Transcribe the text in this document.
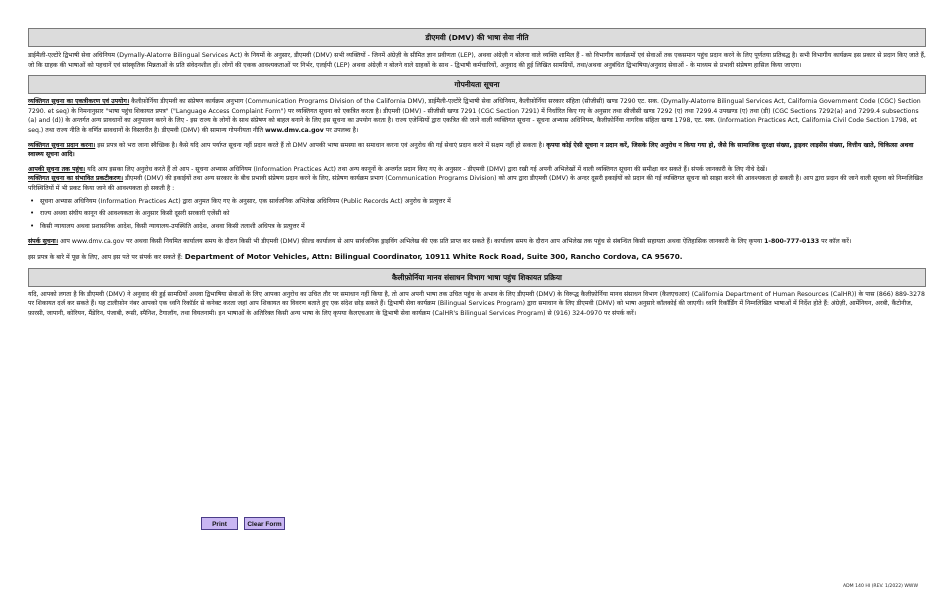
डीएमवी (DMV) की भाषा सेवा नीति

डाईमैली-एल्टोरे द्विभाषी सेवा अधिनियम (Dymally-Alatorre Bilingual Services Act) के नियमों के अनुसार, डीएमवी (DMV) सभी व्यक्तियों - जिनमें अंग्रेज़ी के सीमित ज्ञान प्रवीणता (LEP), अथवा अंग्रेज़ी न बोलना वाले व्यक्ति शामिल हैं - को विभागीय कार्यक्रमों एवं सेवाओं तक एकसमान पहुंच प्रदान करने के लिए पूर्णतया प्रतिबद्ध है। सभी विभागीय कार्यक्रम इस प्रकार से प्रदान किए जाते हैं, जो कि ग्राहक की भाषाओं को पहचानें एवं सांस्कृतिक मिन्नताओं के प्रति संवेदनशील हों। लोगों की एकक आवश्यकताओं पर निर्भर, एलईपी (LEP) अथवा अंग्रेज़ी न बोलने वाले ग्राहकों के साथ - द्विभाषी कर्मचारियों, अनुवाद की हुई लिखित सामग्रियों, तथा/अथवा अनुबंधित द्विभाषिया/अनुवाद सेवाओं - के माध्यम से प्रभावी संप्रेषण हासिल किया जाएगा।

गोपनीयता सूचना

व्यक्तिगत सूचना का एकत्रीकरण एवं उपयोग। कैलीफ़ोर्निया डीएमवी का संप्रेषण कार्यक्रम अनुभाग (Communication Programs Division of the California DMV), डाईमैली-एल्टोरे द्विभाषी सेवा अधिनियम, कैलीफ़ोर्निया सरकार संहिता (सीजीसी) खण्ड 7290 एट. सक. (Dymally-Alatorre Bilingual Services Act, California Government Code (CGC) Section 7290. et seq) के निमनानुसार "भाषा पहुंच शिकायत प्रपत्र" ("Language Access Complaint Form") पर व्यक्तिगत सूचना को एकत्रित करता है। डीएमवी (DMV) - सीजीसी खण्ड 7291 (CGC Section 7291) में निर्धारित किए गए के अनुसार तथा सीजीसी खण्ड 7292 (ए) तथा 7299.4 उपखण्ड (ए) तथा (डी) (CGC Sections 7292(a) and 7299.4 subsections (a) and (d)) के अन्तर्गत अन्य प्रावधानों का अनुपालन करने के लिए - इस राज्य के लोगों के साथ संप्रेषण को बाहल बनाने के लिए इस सूचना का उपयोग करता है। राज्य एजेन्सियों द्वारा एकत्रित की जाने वाली व्यक्तिगत सूचना - सूचना अभ्यास अधिनियम, कैलीफ़ोर्निया नागरिक संहिता खण्ड 1798, एट. सक. (Information Practices Act, California Civil Code Section 1798, et seq.) तथा राज्य नीति के वर्णित सावधानों के विस्तारीत है। डीएमवी (DMV) की सामान्य गोपनीयता नीति www.dmv.ca.gov पर उपलब्ध है।

व्यक्तिगत सूचना प्रदान करना। इस प्रपत्र को भरा जाना स्वैच्छिक है। कैसे यदि आप पर्याप्त सूचना नहीं प्रदान करते हैं तो DMV आपकी भाषा समस्या का समाधान करना एवं अनुरोध की गई सेवाएं प्रदान करने में सक्षम नहीं हो सकता है। कृपया कोई ऐसी सूचना न प्रदान करें, जिसके लिए अनुरोध न किया गया हो, जैसे कि सामाजिक सुरक्षा संख्या, ड्राइवर लाइसेंस संख्या, वित्तीय खाते, चिकित्सा अथवा स्वास्थ्य सूचना आदि।

आपकी सूचना तक पहुंच। यदि आप इसका लिए अनुरोध करते हैं तो आप - सूचना अभ्यास अधिनियम (Information Practices Act) तथा अन्य कानूनों के अन्तर्गत प्रदान किए गए के अनुसार - डीएमवी (DMV) द्वारा रखी गई अपनी अभिलेखों में वाली व्यक्तिगत सूचना की समीक्षा कर सकते हैं। संपर्क जानकारी के लिए नीचे देखें।

व्यक्तिगत सूचना का संभावित प्रकटीकरण। डीएमवी (DMV) की इकाईयों तथा अन्य सरकार के बीच प्रभावी संप्रेषण प्रदान करने के लिए, संप्रेषण कार्यक्रम प्रभाग (Communication Programs Division) को आप द्वारा डीएमवी (DMV) के अन्दर दूसरी इकाईयों को प्रदान की गई व्यक्तिगत सूचना को साझा करने की आवश्यकता हो सकती है। आप द्वारा प्रदान की जाने वाली सूचना को निम्नलिखित परिस्थितियों में भी प्रकट किया जाने की आवश्यकता हो सकती है :

• सूचना अभ्यास अधिनियम (Information Practices Act) द्वारा अनुमत किए गए के अनुसार, एक सार्वजनिक अभिलेख अधिनियम (Public Records Act) अनुरोध के प्रत्युत्तर में
• राज्य अथवा संघीय कानून की आवश्यकता के अनुसार किसी दूसरी सरकारी एजेंसी को
• किसी न्यायालय अथवा प्रशासनिक आदेश, किसी न्यायालय-उपस्थिति आदेश, अथवा किसी तलाशी अधिपत्र के प्रत्युत्तर में

संपर्क सूचना। आप www.dmv.ca.gov पर अथवा किसी नियमित कार्यालय समय के दौरान किसी भी डीएमवी (DMV) फ़ील्ड कार्यालय से आप सार्वजनिक ड्राइविंग अभिलेख की एक प्रति प्राप्त कर सकते हैं। कार्यालय समय के दौरान आप अभिलेख तक पहुंच से संबन्धित किसी सहायता अथवा ऐतिहासिक जानकारी के लिए कृपया 1-800-777-0133 पर कॉल करें।

इस प्रपत्र के बारे में पूछ के लिए, आप इस पते पर संपर्क कर सकते हैं: Department of Motor Vehicles, Attn: Bilingual Coordinator, 10911 White Rock Road, Suite 300, Rancho Cordova, CA 95670.

कैलीफ़ोर्निया मानव संसाधन विभाग भाषा पहुंच शिकायत प्रक्रिया

यदि, आपको लगता है कि डीएमवी (DMV) ने अनुवाद की हुई सामग्रियों अथवा द्विभाषिया सेवाओं के लिए आपका अनुरोध का उचित तौर पर समाधान नहीं किया है, तो आप अपनी भाषा तक उचित पहुंच के अभाव के लिए डीएमवी (DMV) के विरूद्ध कैलीफ़ोर्निया मानव संसाधन विभाग (कैलएचआर) (California Department of Human Resources (CalHR)) के पास (866) 889-3278 पर शिकायत दर्ज कर सकते हैं। यह टालीफ़ोन नंबर आपको एक ध्वनि रिकॉर्डर से कनेक्ट करता जहां आप शिकायत का विवरण बताते हुए एक संदेश छोड़ सकते हैं। द्विभाषी सेवा कार्यक्रम (Bilingual Services Program) द्वारा समाधान के लिए डीएमवी (DMV) को भाषा अनुसारे कॉलकोई की जाएगी। ध्वनि रिकॉर्डिंग में निम्नलिखित भाषाओं में निर्देश होते हैं: अंग्रेज़ी, आर्मेनियन, अरबी, कैंटोनीज, फ़ारसी, जापानी, कोरियन, मैंडेरिन, पंजाबी, रूसी, स्पैनिश, टैगालॉग, तथा वियतनामी। इन भाषाओं के अतिरिक्त किसी अन्य भाषा के लिए कृपया कैलएचआर के द्विभाषी सेवा कार्यक्रम (CalHR's Bilingual Services Program) से (916) 324-0970 पर संपर्क करें।

Print	Clear Form
ADM 140 HI (REV. 1/2022) WWW
